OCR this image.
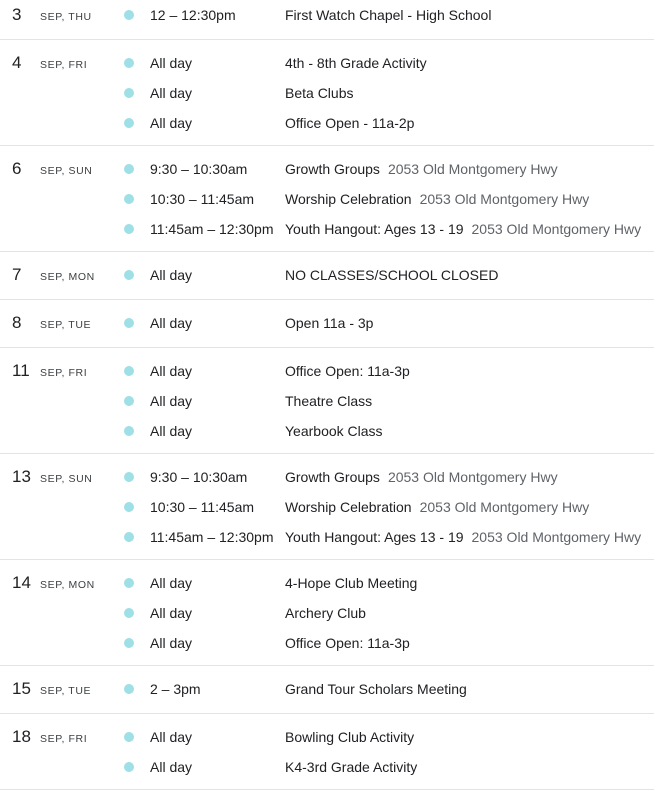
3	SEP, THU	12 – 12:30pm	First Watch Chapel - High School
4	SEP, FRI	All day	4th - 8th Grade Activity
All day	Beta Clubs
All day	Office Open - 11a-2p
6	SEP, SUN	9:30 – 10:30am	Growth Groups 2053 Old Montgomery Hwy
10:30 – 11:45am	Worship Celebration 2053 Old Montgomery Hwy
11:45am – 12:30pm Youth Hangout: Ages 13 - 19 2053 Old Montgomery Hwy
7	SEP, MON	All day	NO CLASSES/SCHOOL CLOSED
8	SEP, TUE	All day	Open 11a - 3p
11 SEP, FRI	All day	Office Open: 11a-3p
All day	Theatre Class
All day	Yearbook Class
13 SEP, SUN	9:30 – 10:30am	Growth Groups 2053 Old Montgomery Hwy
10:30 – 11:45am	Worship Celebration 2053 Old Montgomery Hwy
11:45am – 12:30pm Youth Hangout: Ages 13 - 19 2053 Old Montgomery Hwy
14 SEP, MON	All day	4-Hope Club Meeting
All day	Archery Club
All day	Office Open: 11a-3p
15 SEP, TUE	2 – 3pm	Grand Tour Scholars Meeting
18 SEP, FRI	All day	Bowling Club Activity
All day	K4-3rd Grade Activity
